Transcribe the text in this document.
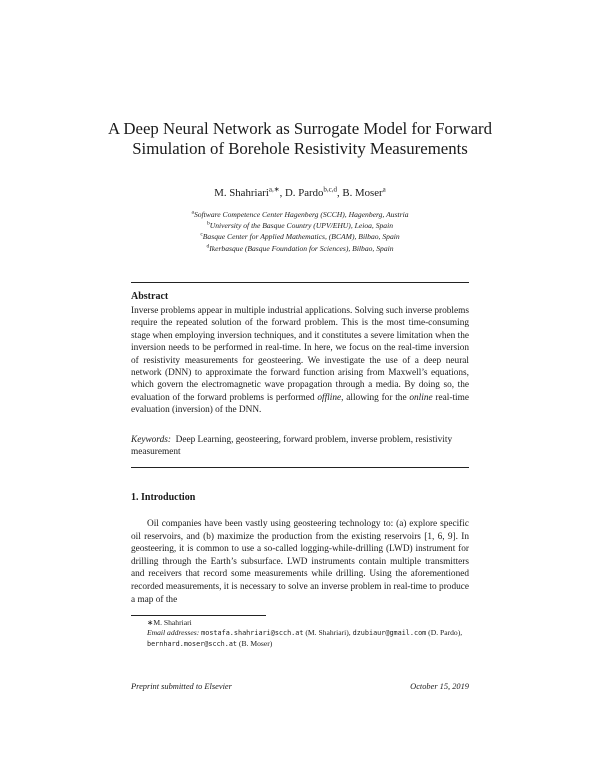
A Deep Neural Network as Surrogate Model for Forward Simulation of Borehole Resistivity Measurements
M. Shahriari$^{a,∗}$, D. Pardo$^{b,c,d}$, B. Moser$^a$
$^a$Software Competence Center Hagenberg (SCCH), Hagenberg, Austria
$^b$University of the Basque Country (UPV/EHU), Leioa, Spain
$^c$Basque Center for Applied Mathematics, (BCAM), Bilbao, Spain
$^d$Ikerbasque (Basque Foundation for Sciences), Bilbao, Spain
Abstract

Inverse problems appear in multiple industrial applications. Solving such inverse problems require the repeated solution of the forward problem. This is the most time-consuming stage when employing inversion techniques, and it constitutes a severe limitation when the inversion needs to be performed in real-time. In here, we focus on the real-time inversion of resistivity measurements for geosteering. We investigate the use of a deep neural network (DNN) to approximate the forward function arising from Maxwell’s equations, which govern the electromagnetic wave propagation through a media. By doing so, the evaluation of the forward problems is performed offline, allowing for the online real-time evaluation (inversion) of the DNN.

Keywords: Deep Learning, geosteering, forward problem, inverse problem, resistivity measurement

1. Introduction

Oil companies have been vastly using geosteering technology to: (a) explore specific oil reservoirs, and (b) maximize the production from the existing reservoirs [1, 6, 9]. In geosteering, it is common to use a so-called logging-while-drilling (LWD) instrument for drilling through the Earth’s subsurface. LWD instruments contain multiple transmitters and receivers that record some measurements while drilling. Using the aforementioned recorded measurements, it is necessary to solve an inverse problem in real-time to produce a map of the

∗M. Shahriari
Email addresses: mostafa.shahriari@scch.at (M. Shahriari), dzubiaur@gmail.com (D. Pardo), bernhard.moser@scch.at (B. Moser)
Preprint submitted to Elsevier	October 15, 2019
